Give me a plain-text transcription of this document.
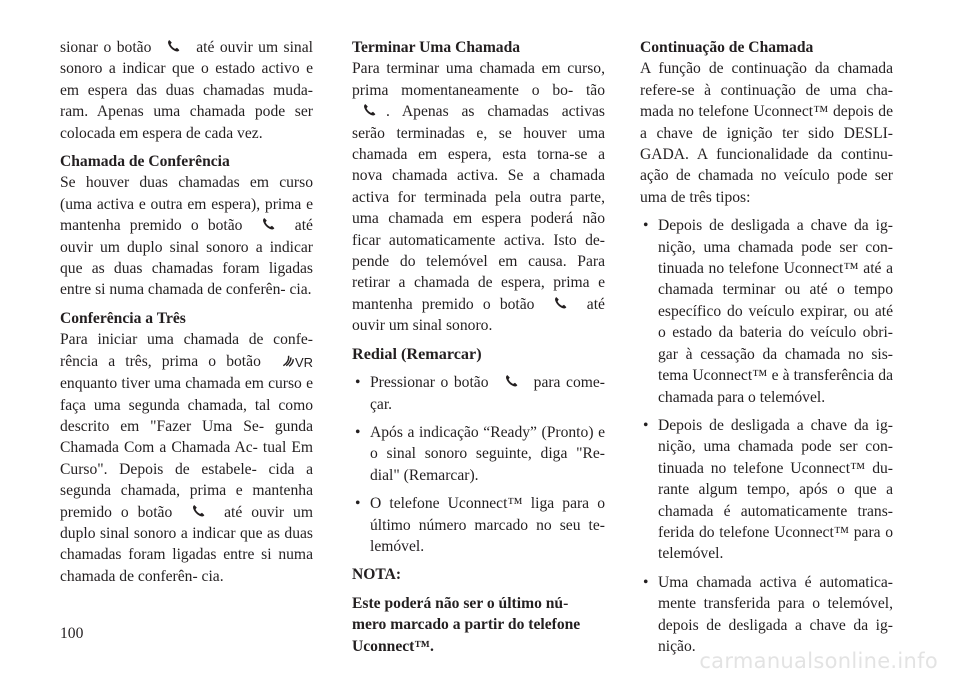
sionar o botão	até ouvir um sinal sonoro a indicar que o estado activo e em espera das duas chamadas muda- ram. Apenas uma chamada pode ser colocada em espera de cada vez.

Chamada de Conferência

Se houver duas chamadas em curso (uma activa e outra em espera), prima e mantenha premido o botão	até ouvir um duplo sinal sonoro a indicar que as duas chamadas foram ligadas entre si numa chamada de conferên- cia.

Conferência a Três

Para iniciar uma chamada de confe- rência a três, prima o botão	VR enquanto tiver uma chamada em curso e faça uma segunda chamada, tal como descrito em "Fazer Uma Se- gunda Chamada Com a Chamada Ac- tual Em Curso". Depois de estabele- cida a segunda chamada, prima e mantenha premido o botão	até ouvir um duplo sinal sonoro a indicar que as duas chamadas foram ligadas entre si numa chamada de conferên- cia.

Terminar Uma Chamada

Para terminar uma chamada em curso, prima momentaneamente o bo- tão . Apenas as chamadas activas serão terminadas e, se houver uma chamada em espera, esta torna-se a nova chamada activa. Se a chamada activa for terminada pela outra parte, uma chamada em espera poderá não ficar automaticamente activa. Isto de- pende do telemóvel em causa. Para retirar a chamada de espera, prima e mantenha premido o botão	até ouvir um sinal sonoro.

Redial (Remarcar)

• Pressionar o botão	para come- çar.
• Após a indicação “Ready” (Pronto) e o sinal sonoro seguinte, diga "Re- dial" (Remarcar).
• O telefone Uconnect™ liga para o último número marcado no seu te- lemóvel.

NOTA:

Este poderá não ser o último nú- mero marcado a partir do telefone Uconnect™.

Continuação de Chamada

A função de continuação da chamada refere-se à continuação de uma cha- mada no telefone Uconnect™ depois de a chave de ignição ter sido DESLI- GADA. A funcionalidade da continu- ação de chamada no veículo pode ser uma de três tipos:

• Depois de desligada a chave da ig- nição, uma chamada pode ser con- tinuada no telefone Uconnect™ até a chamada terminar ou até o tempo específico do veículo expirar, ou até o estado da bateria do veículo obri- gar à cessação da chamada no sis- tema Uconnect™ e à transferência da chamada para o telemóvel.
• Depois de desligada a chave da ig- nição, uma chamada pode ser con- tinuada no telefone Uconnect™ du- rante algum tempo, após o que a chamada é automaticamente trans- ferida do telefone Uconnect™ para o telemóvel.
• Uma chamada activa é automatica- mente transferida para o telemóvel, depois de desligada a chave da ig- nição.
100
carmanualsonline.info
